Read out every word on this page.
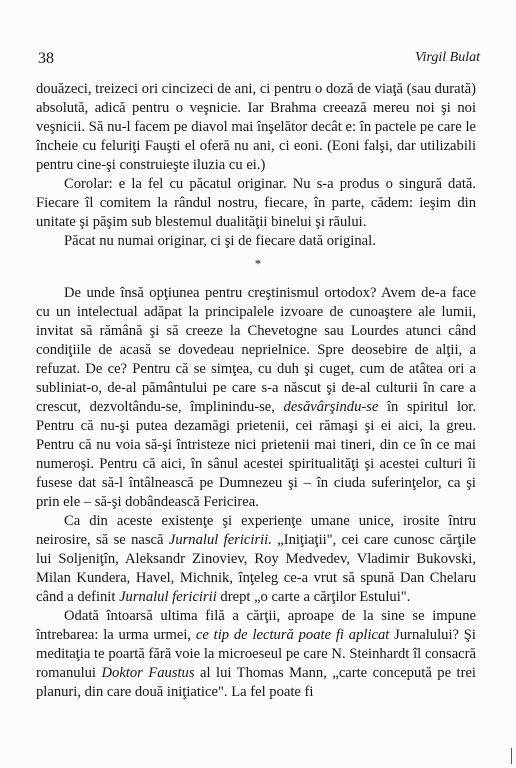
38	Virgil Bulat

douăzeci, treizeci ori cincizeci de ani, ci pentru o doză de viaţă (sau durată) absolută, adică pentru o veşnicie. Iar Brahma creează mereu noi şi noi veşnicii. Să nu-l facem pe diavol mai înşelător decât e: în pactele pe care le încheie cu feluriţi Fauşti el oferă nu ani, ci eoni. (Eoni falşi, dar utilizabili pentru cine-şi construieşte iluzia cu ei.)

Corolar: e la fel cu păcatul originar. Nu s-a produs o singură dată. Fiecare îl comitem la rândul nostru, fiecare, în parte, cădem: ieşim din unitate şi păşim sub blestemul dualităţii binelui şi răului.

Păcat nu numai originar, ci şi de fiecare dată original.

*

De unde însă opţiunea pentru creştinismul ortodox? Avem de-a face cu un intelectual adăpat la principalele izvoare de cunoaştere ale lumii, invitat să rămână şi să creeze la Chevetogne sau Lourdes atunci când condiţiile de acasă se dovedeau neprielnice. Spre deosebire de alţii, a refuzat. De ce? Pentru că se simţea, cu duh şi cuget, cum de atâtea ori a subliniat-o, de-al pământului pe care s-a născut şi de-al culturii în care a crescut, dezvoltându-se, împlinindu-se, desăvârşindu-se în spiritul lor. Pentru că nu-şi putea dezamăgi prietenii, cei rămaşi şi ei aici, la greu. Pentru că nu voia să-şi întristeze nici prietenii mai tineri, din ce în ce mai numeroşi. Pentru că aici, în sânul acestei spiritualităţi şi acestei culturi îi fusese dat să-l întâlnească pe Dumnezeu şi – în ciuda suferinţelor, ca şi prin ele – să-şi dobândească Fericirea.

Ca din aceste existenţe şi experienţe umane unice, irosite întru neirosire, să se nască Jurnalul fericirii. „Iniţiaţii", cei care cunosc cărţile lui Soljeniţîn, Aleksandr Zinoviev, Roy Medvedev, Vladimir Bukovski, Milan Kundera, Havel, Michnik, înţeleg ce-a vrut să spună Dan Chelaru când a definit Jurnalul fericirii drept „o carte a cărţilor Estului".

Odată întoarsă ultima filă a cărţii, aproape de la sine se impune întrebarea: la urma urmei, ce tip de lectură poate fi aplicat Jurnalului? Şi meditaţia te poartă fără voie la microeseul pe care N. Steinhardt îl consacră romanului Doktor Faustus al lui Thomas Mann, „carte concepută pe trei planuri, din care două iniţiatice". La fel poate fi
